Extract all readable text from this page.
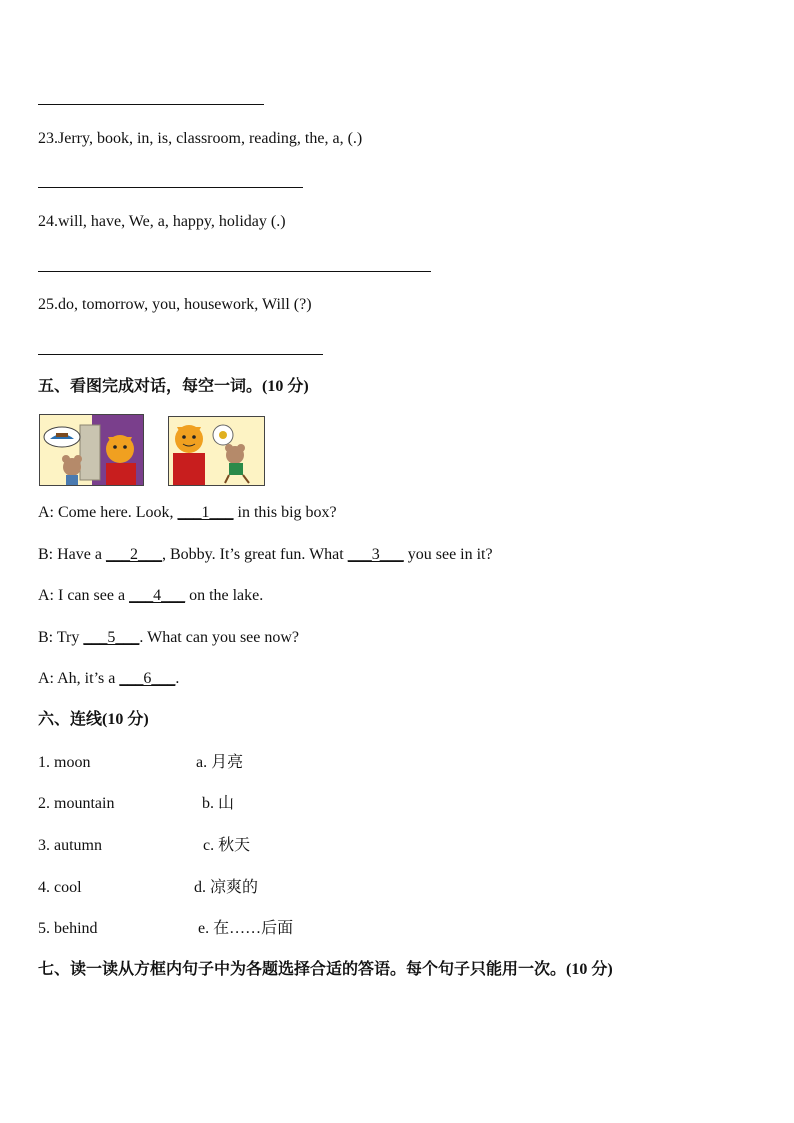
23.Jerry, book, in, is, classroom, reading, the, a, (.)
24.will, have, We, a, happy, holiday (.)
25.do, tomorrow, you, housework, Will (?)
五、看图完成对话，每空一词。(10 分)
A: Come here. Look, ___1___ in this big box?
B: Have a ___2___, Bobby. It’s great fun. What ___3___ you see in it?
A: I can see a ___4___ on the lake.
B: Try ___5___. What can you see now?
A: Ah, it’s a ___6___.
六、连线(10 分)
1. moon	a. 月亮
2. mountain	b. 山
3. autumn	c. 秋天
4. cool	d. 凉爽的
5. behind	e. 在……后面
七、读一读从方框内句子中为各题选择合适的答语。每个句子只能用一次。(10 分)
